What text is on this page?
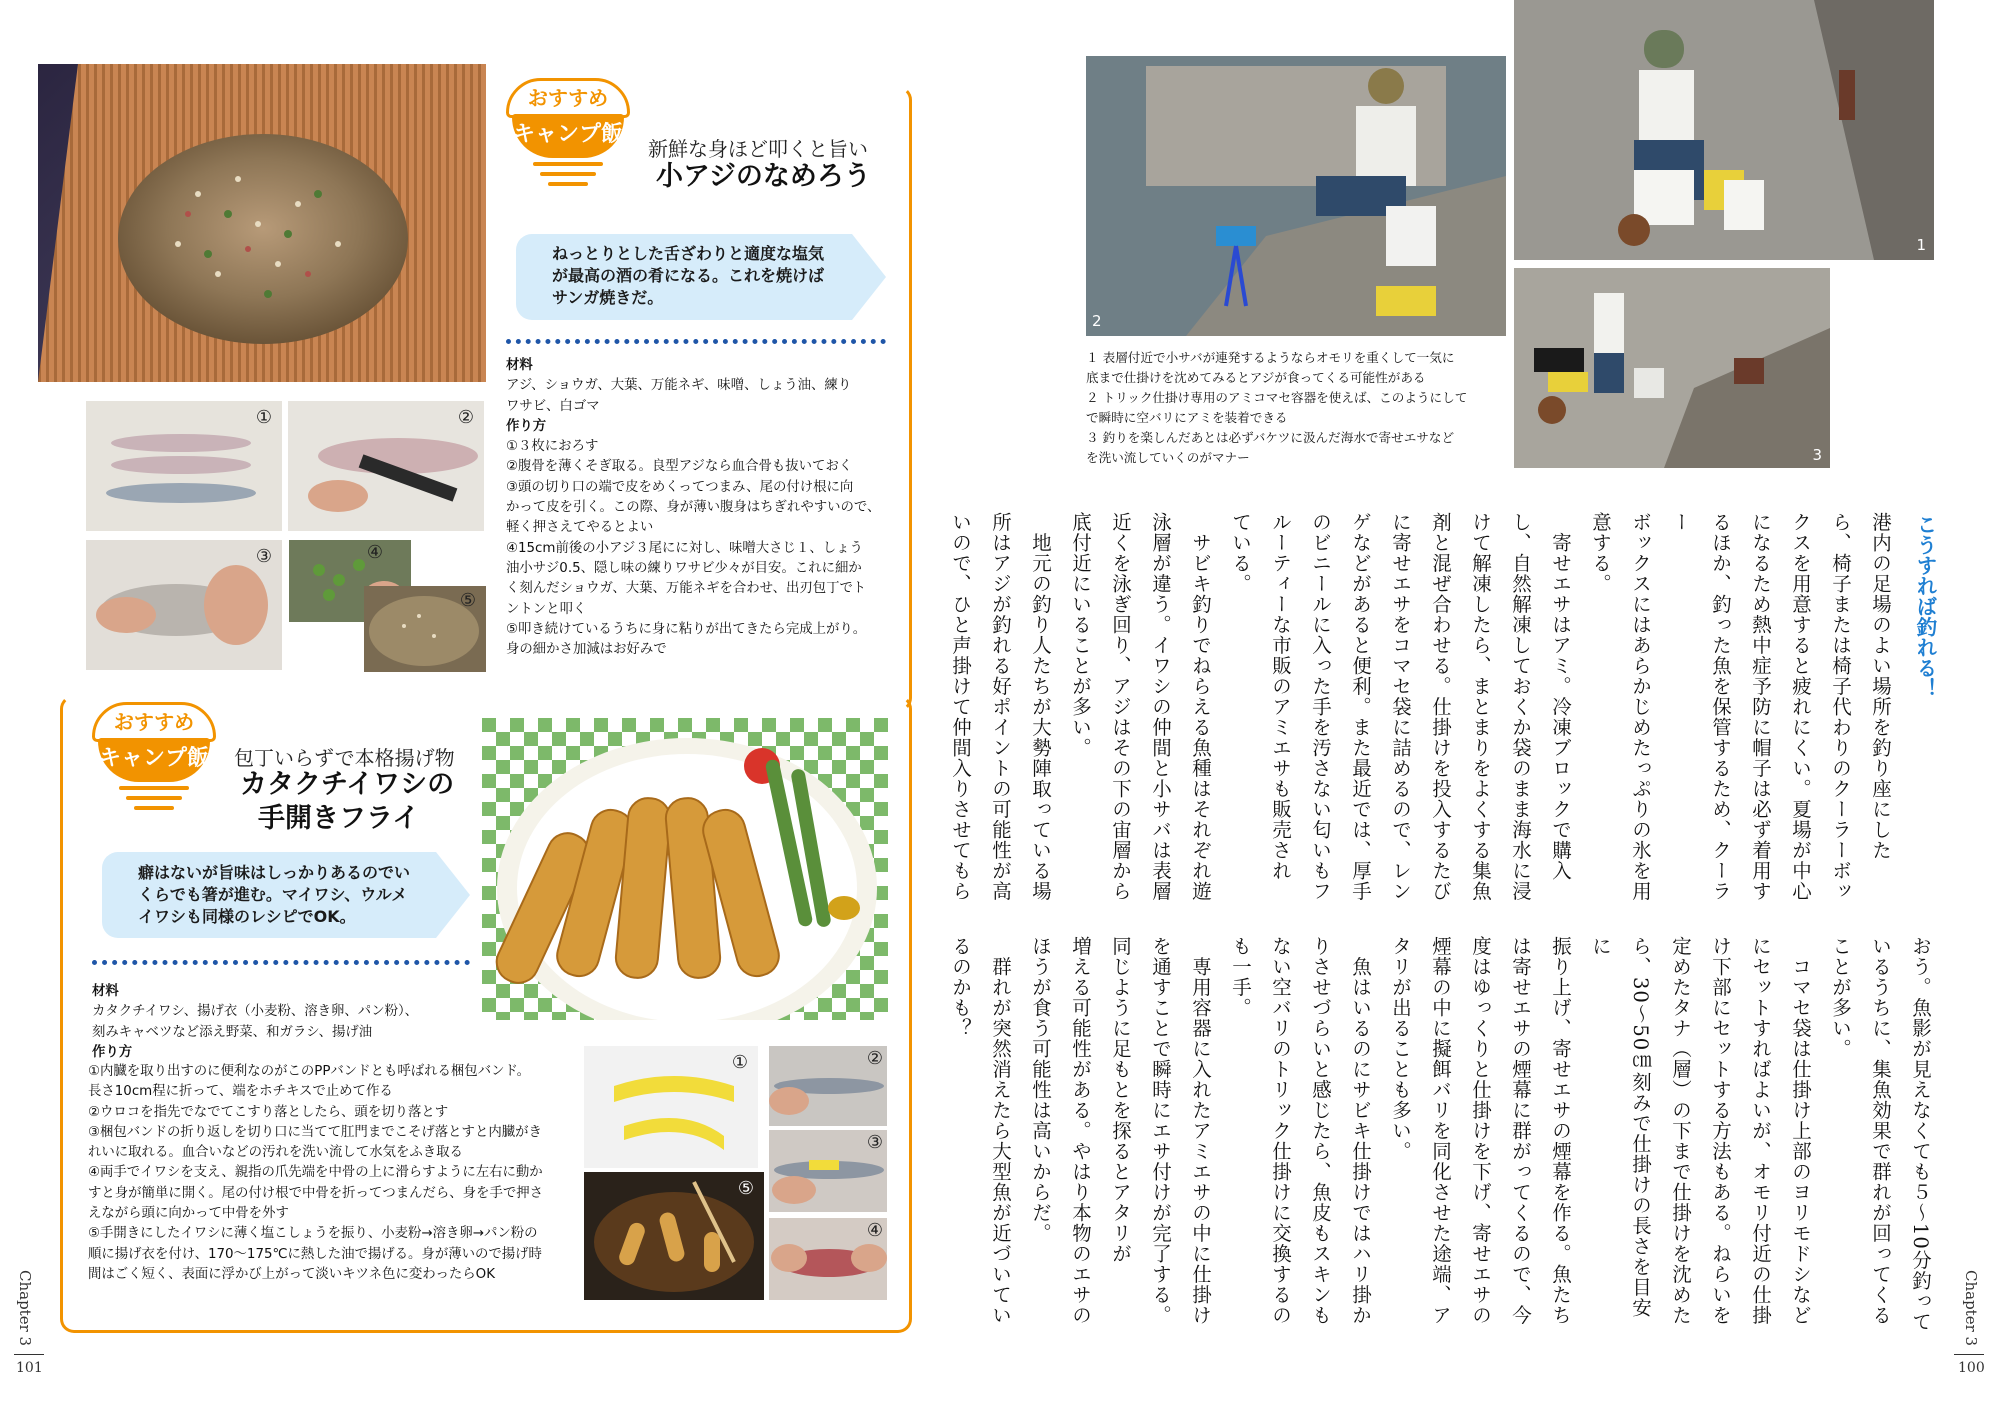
おすすめ
キャンプ飯
新鮮な身ほど叩くと旨い
小アジのなめろう
ねっとりとした舌ざわりと適度な塩気
が最高の酒の肴になる。これを焼けば
サンガ焼きだ。
材料
アジ、ショウガ、大葉、万能ネギ、味噌、しょう油、練り
ワサビ、白ゴマ
作り方
①３枚におろす
②腹骨を薄くそぎ取る。良型アジなら血合骨も抜いておく
③頭の切り口の端で皮をめくってつまみ、尾の付け根に向
かって皮を引く。この際、身が薄い腹身はちぎれやすいので、
軽く押さえてやるとよい
④15cm前後の小アジ３尾にに対し、味噌大さじ１、しょう
油小サジ0.5、隠し味の練りワサビ少々が目安。これに細か
く刻んだショウガ、大葉、万能ネギを合わせ、出刃包丁でト
ントンと叩く
⑤叩き続けているうちに身に粘りが出てきたら完成上がり。
身の細かさ加減はお好みで
①	②
③	④
⑤
おすすめ
キャンプ飯 包丁いらずで本格揚げ物
カタクチイワシの
手開きフライ
癖はないが旨味はしっかりあるのでい
くらでも箸が進む。マイワシ、ウルメ
イワシも同様のレシピでOK。
材料
カタクチイワシ、揚げ衣（小麦粉、溶き卵、パン粉）、
刻みキャベツなど添え野菜、和ガラシ、揚げ油
作り方
①内臓を取り出すのに便利なのがこのPPバンドとも呼ばれる梱包バンド。
長さ10cm程に折って、端をホチキスで止めて作る
②ウロコを指先でなでてこすり落としたら、頭を切り落とす
③梱包バンドの折り返しを切り口に当てて肛門までこそげ落とすと内臓がき
れいに取れる。血合いなどの汚れを洗い流して水気をふき取る
④両手でイワシを支え、親指の爪先端を中骨の上に滑らすように左右に動か
すと身が簡単に開く。尾の付け根で中骨を折ってつまんだら、身を手で押さ
えながら頭に向かって中骨を外す
⑤手開きにしたイワシに薄く塩こしょうを振り、小麦粉→溶き卵→パン粉の
順に揚げ衣を付け、170〜175℃に熱した油で揚げる。身が薄いので揚げ時
間はごく短く、表面に浮かび上がって淡いキツネ色に変わったらOK
①	②
③
④
⑤
Chapter 3
101
2
1
3
１ 表層付近で小サバが連発するようならオモリを重くして一気に
底まで仕掛けを沈めてみるとアジが食ってくる可能性がある
２ トリック仕掛け専用のアミコマセ容器を使えば、このようにして
で瞬時に空バリにアミを装着できる
３ 釣りを楽しんだあとは必ずバケツに汲んだ海水で寄せエサなど
を洗い流していくのがマナー
こうすれば釣れる！
港内の足場のよい場所を釣り座にした
ら、椅子または椅子代わりのクーラーボッ
クスを用意すると疲れにくい。夏場が中心
になるため熱中症予防に帽子は必ず着用す
るほか、釣った魚を保管するため、クーラー
ボックスにはあらかじめたっぷりの氷を用
意する。
　寄せエサはアミ。冷凍ブロックで購入
し、自然解凍しておくか袋のまま海水に浸
けて解凍したら、まとまりをよくする集魚
剤と混ぜ合わせる。仕掛けを投入するたび
に寄せエサをコマセ袋に詰めるので、レン
ゲなどがあると便利。また最近では、厚手
のビニールに入った手を汚さない匂いもフ
ルーティーな市販のアミエサも販売され
ている。
　サビキ釣りでねらえる魚種はそれぞれ遊
泳層が違う。イワシの仲間と小サバは表層
近くを泳ぎ回り、アジはその下の宙層から
底付近にいることが多い。
　地元の釣り人たちが大勢陣取っている場
所はアジが釣れる好ポイントの可能性が高
いので、ひと声掛けて仲間入りさせてもら
おう。魚影が見えなくても５〜10分釣って
いるうちに、集魚効果で群れが回ってくる
ことが多い。
　コマセ袋は仕掛け上部のヨリモドシなど
にセットすればよいが、オモリ付近の仕掛
け下部にセットする方法もある。ねらいを
定めたタナ（層）の下まで仕掛けを沈めた
ら、30〜50㎝刻みで仕掛けの長さを目安に
振り上げ、寄せエサの煙幕を作る。魚たち
は寄せエサの煙幕に群がってくるので、今
度はゆっくりと仕掛けを下げ、寄せエサの
煙幕の中に擬餌バリを同化させた途端、ア
タリが出ることも多い。
　魚はいるのにサビキ仕掛けではハリ掛か
りさせづらいと感じたら、魚皮もスキンも
ない空バリのトリック仕掛けに交換するの
も一手。
　専用容器に入れたアミエサの中に仕掛け
を通すことで瞬時にエサ付けが完了する。
同じように足もとを探るとアタリが
増える可能性がある。やはり本物のエサの
ほうが食う可能性は高いからだ。
　群れが突然消えたら大型魚が近づいてい
るのかも？
Chapter 3
100
